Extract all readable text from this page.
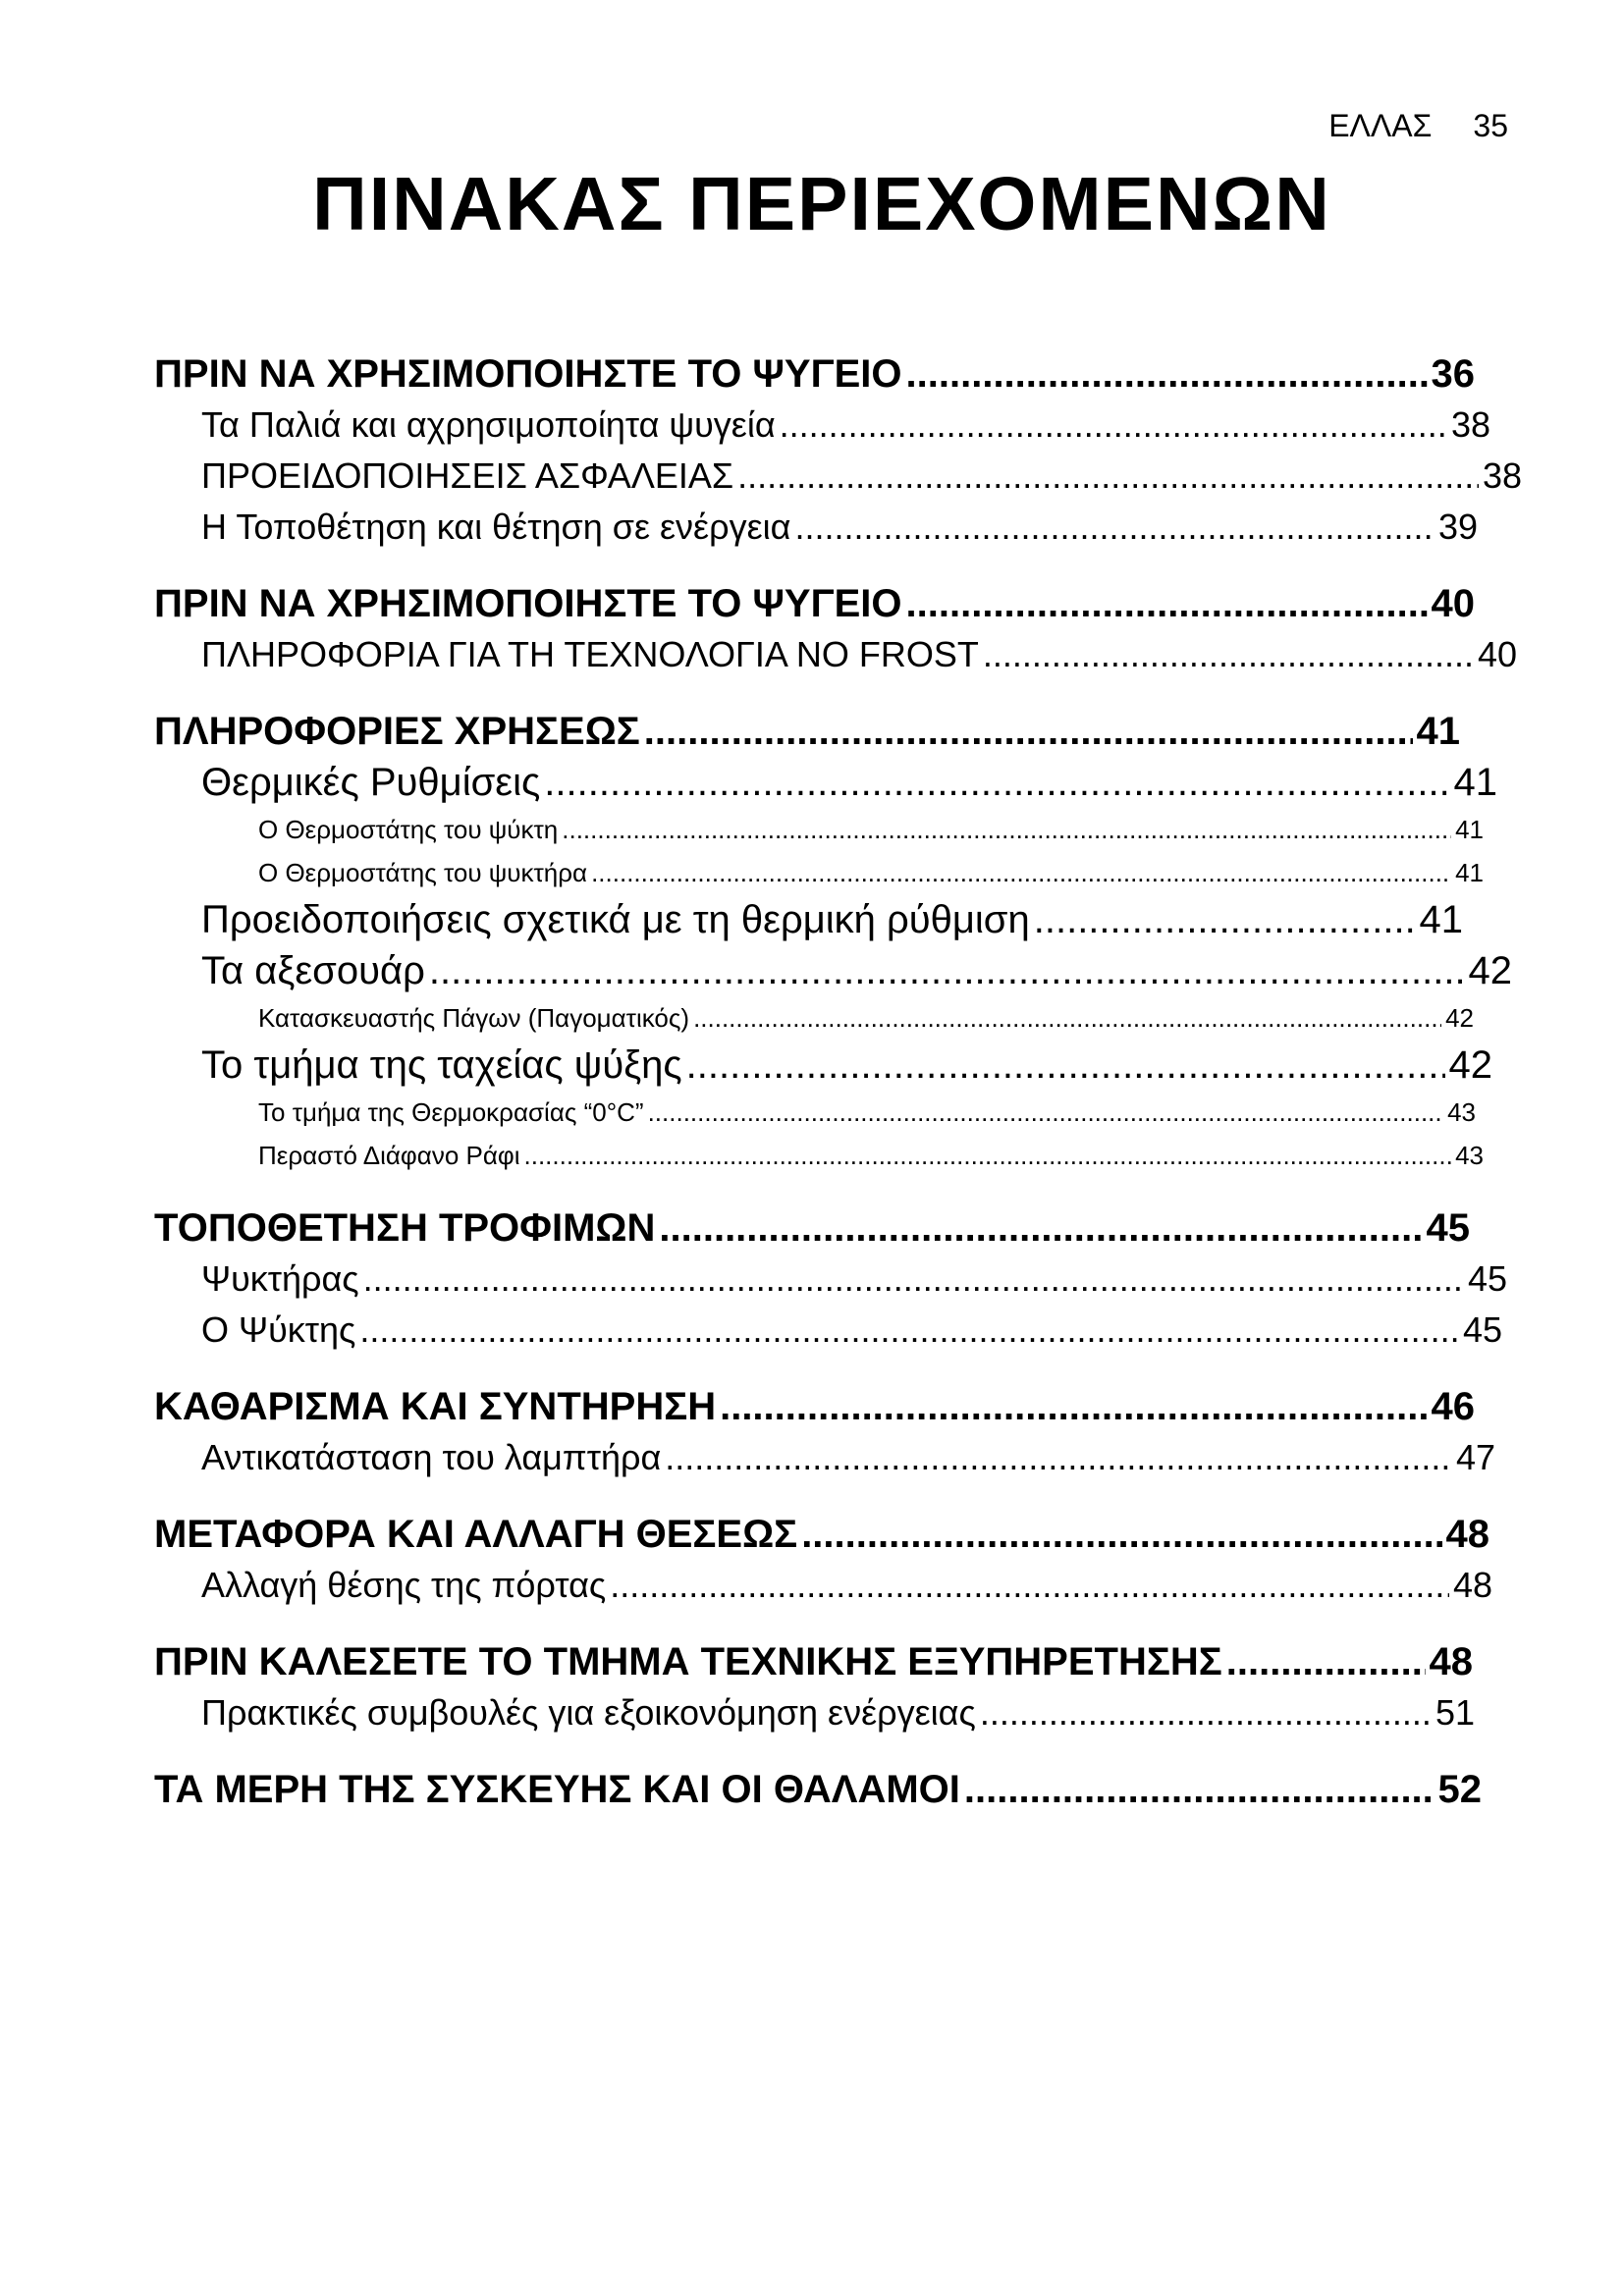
ΕΛΛΑΣ 35
ΠΙΝΑΚΑΣ ΠΕΡΙΕΧΟΜΕΝΩΝ
ΠΡΙΝ ΝΑ ΧΡΗΣΙΜΟΠΟΙΗΣΤΕ ΤΟ ΨΥΓΕΙΟ .....	36
Τα Παλιά και αχρησιμοποίητα ψυγεία .....	38
ΠΡΟΕΙΔΟΠΟΙΗΣΕΙΣ ΑΣΦΑΛΕΙΑΣ .....	38
Η Τοποθέτηση και θέτηση σε ενέργεια .....	39
ΠΡΙΝ ΝΑ ΧΡΗΣΙΜΟΠΟΙΗΣΤΕ ΤΟ ΨΥΓΕΙΟ .....	40
ΠΛΗΡΟΦΟΡΙΑ ΓΙΑ ΤΗ ΤΕΧΝΟΛΟΓΙΑ NO FROST .....	40
ΠΛΗΡΟΦΟΡΙΕΣ ΧΡΗΣΕΩΣ .....	41
Θερμικές Ρυθμίσεις .....	41
Ο Θερμοστάτης του ψύκτη .....	41
Ο Θερμοστάτης του ψυκτήρα .....	41
Προειδοποιήσεις σχετικά με τη θερμική ρύθμιση .....	41
Τα αξεσουάρ .....	42
Κατασκευαστής Πάγων (Παγοματικός) .....	42
Το τμήμα της ταχείας ψύξης .....	42
Το τμήμα της Θερμοκρασίας “0°C” .....	43
Περαστό Διάφανο Ράφι .....	43
ΤΟΠΟΘΕΤΗΣΗ ΤΡΟΦΙΜΩΝ .....	45
Ψυκτήρας .....	45
Ο Ψύκτης .....	45
ΚΑΘΑΡΙΣΜΑ ΚΑΙ ΣΥΝΤΗΡΗΣΗ .....	46
Αντικατάσταση του λαμπτήρα .....	47
ΜΕΤΑΦΟΡΑ ΚΑΙ ΑΛΛΑΓΗ ΘΕΣΕΩΣ .....	48
Αλλαγή θέσης της πόρτας .....	48
ΠΡΙΝ ΚΑΛΕΣΕΤΕ ΤΟ ΤΜΗΜΑ ΤΕΧΝΙΚΗΣ ΕΞΥΠΗΡΕΤΗΣΗΣ .....	48
Πρακτικές συμβουλές για εξοικονόμηση ενέργειας .....	51
ΤΑ ΜΕΡΗ ΤΗΣ ΣΥΣΚΕΥΗΣ ΚΑΙ ΟΙ ΘΑΛΑΜΟΙ .....	52
